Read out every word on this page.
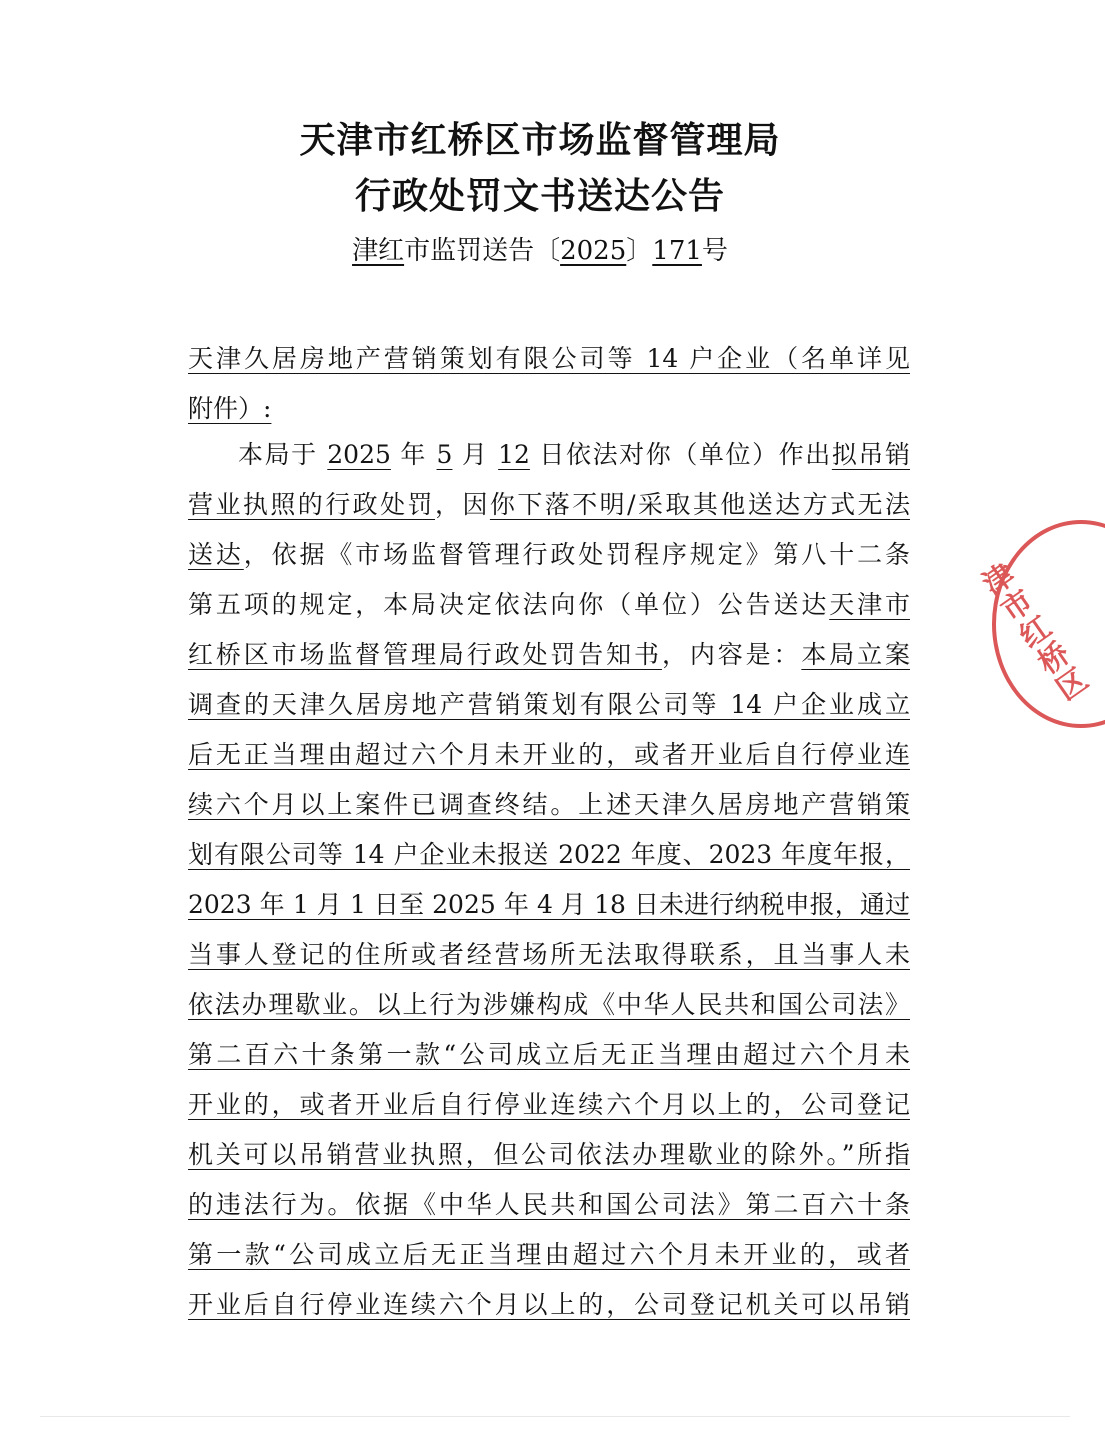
天津市红桥区市场监督管理局
行政处罚文书送达公告
津红市监罚送告〔2025〕171号
天津久居房地产营销策划有限公司等 14 户企业（名单详见
附件）:
本局于 2025 年 5 月 12 日依法对你（单位）作出拟吊销
营业执照的行政处罚，因你下落不明/采取其他送达方式无法
送达，依据《市场监督管理行政处罚程序规定》第八十二条
第五项的规定，本局决定依法向你（单位）公告送达天津市
红桥区市场监督管理局行政处罚告知书，内容是：本局立案
调查的天津久居房地产营销策划有限公司等 14 户企业成立
后无正当理由超过六个月未开业的，或者开业后自行停业连
续六个月以上案件已调查终结。上述天津久居房地产营销策
划有限公司等 14 户企业未报送 2022 年度、2023 年度年报，
2023 年 1 月 1 日至 2025 年 4 月 18 日未进行纳税申报，通过
当事人登记的住所或者经营场所无法取得联系，且当事人未
依法办理歇业。以上行为涉嫌构成《中华人民共和国公司法》
第二百六十条第一款“公司成立后无正当理由超过六个月未
开业的，或者开业后自行停业连续六个月以上的，公司登记
机关可以吊销营业执照，但公司依法办理歇业的除外。”所指
的违法行为。依据《中华人民共和国公司法》第二百六十条
第一款“公司成立后无正当理由超过六个月未开业的，或者
开业后自行停业连续六个月以上的，公司登记机关可以吊销
津市红桥区
